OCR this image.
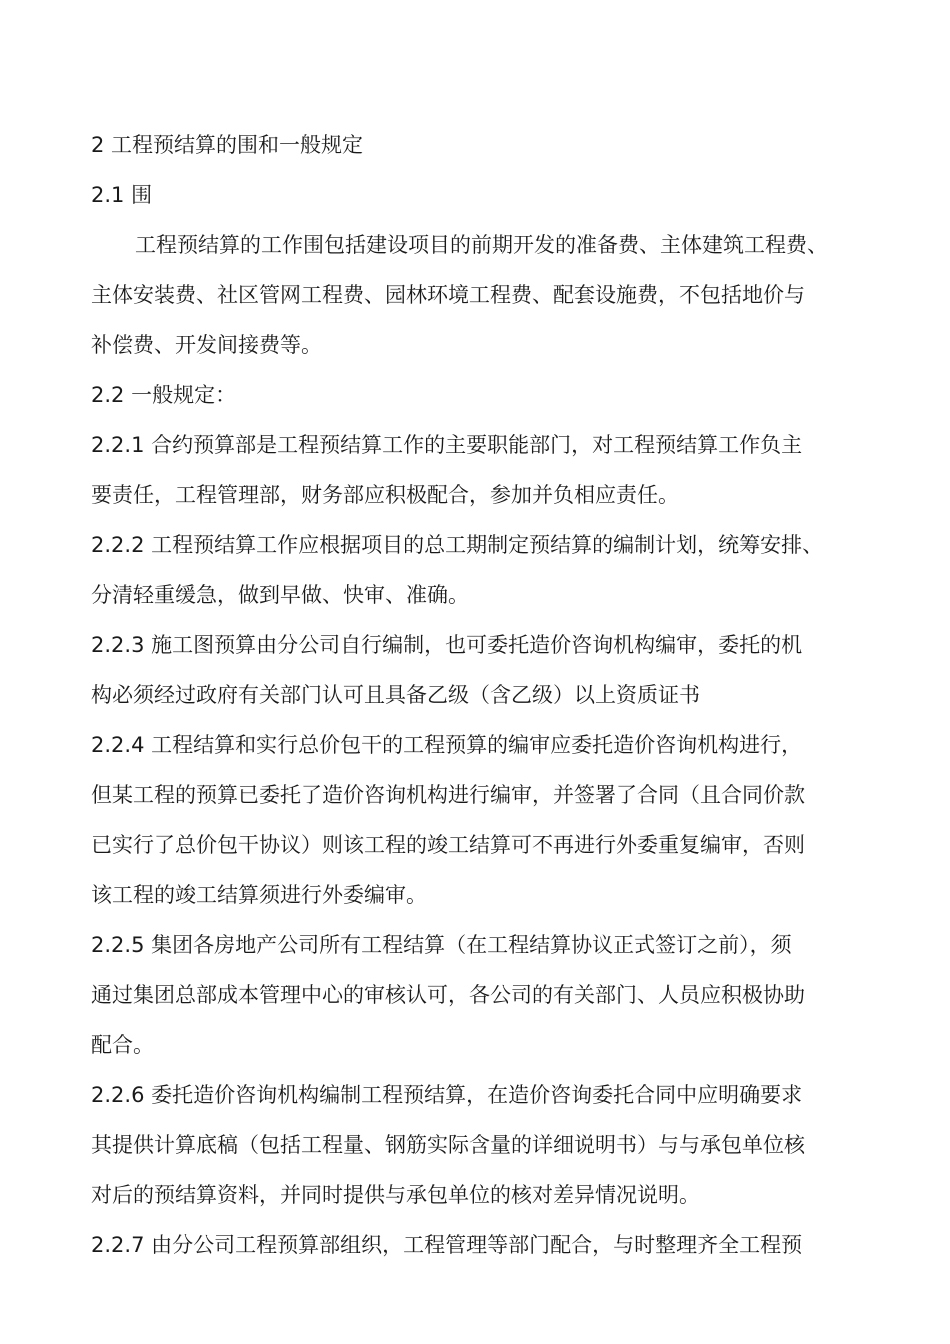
2 工程预结算的围和一般规定
2.1 围
工程预结算的工作围包括建设项目的前期开发的准备费、主体建筑工程费、
主体安装费、社区管网工程费、园林环境工程费、配套设施费，不包括地价与
补偿费、开发间接费等。
2.2 一般规定：
2.2.1 合约预算部是工程预结算工作的主要职能部门，对工程预结算工作负主
要责任，工程管理部，财务部应积极配合，参加并负相应责任。
2.2.2 工程预结算工作应根据项目的总工期制定预结算的编制计划，统筹安排、
分清轻重缓急，做到早做、快审、准确。
2.2.3 施工图预算由分公司自行编制，也可委托造价咨询机构编审，委托的机
构必须经过政府有关部门认可且具备乙级（含乙级）以上资质证书
2.2.4 工程结算和实行总价包干的工程预算的编审应委托造价咨询机构进行，
但某工程的预算已委托了造价咨询机构进行编审，并签署了合同（且合同价款
已实行了总价包干协议）则该工程的竣工结算可不再进行外委重复编审，否则
该工程的竣工结算须进行外委编审。
2.2.5 集团各房地产公司所有工程结算（在工程结算协议正式签订之前），须
通过集团总部成本管理中心的审核认可，各公司的有关部门、人员应积极协助
配合。
2.2.6 委托造价咨询机构编制工程预结算，在造价咨询委托合同中应明确要求
其提供计算底稿（包括工程量、钢筋实际含量的详细说明书）与与承包单位核
对后的预结算资料，并同时提供与承包单位的核对差异情况说明。
2.2.7 由分公司工程预算部组织，工程管理等部门配合，与时整理齐全工程预
